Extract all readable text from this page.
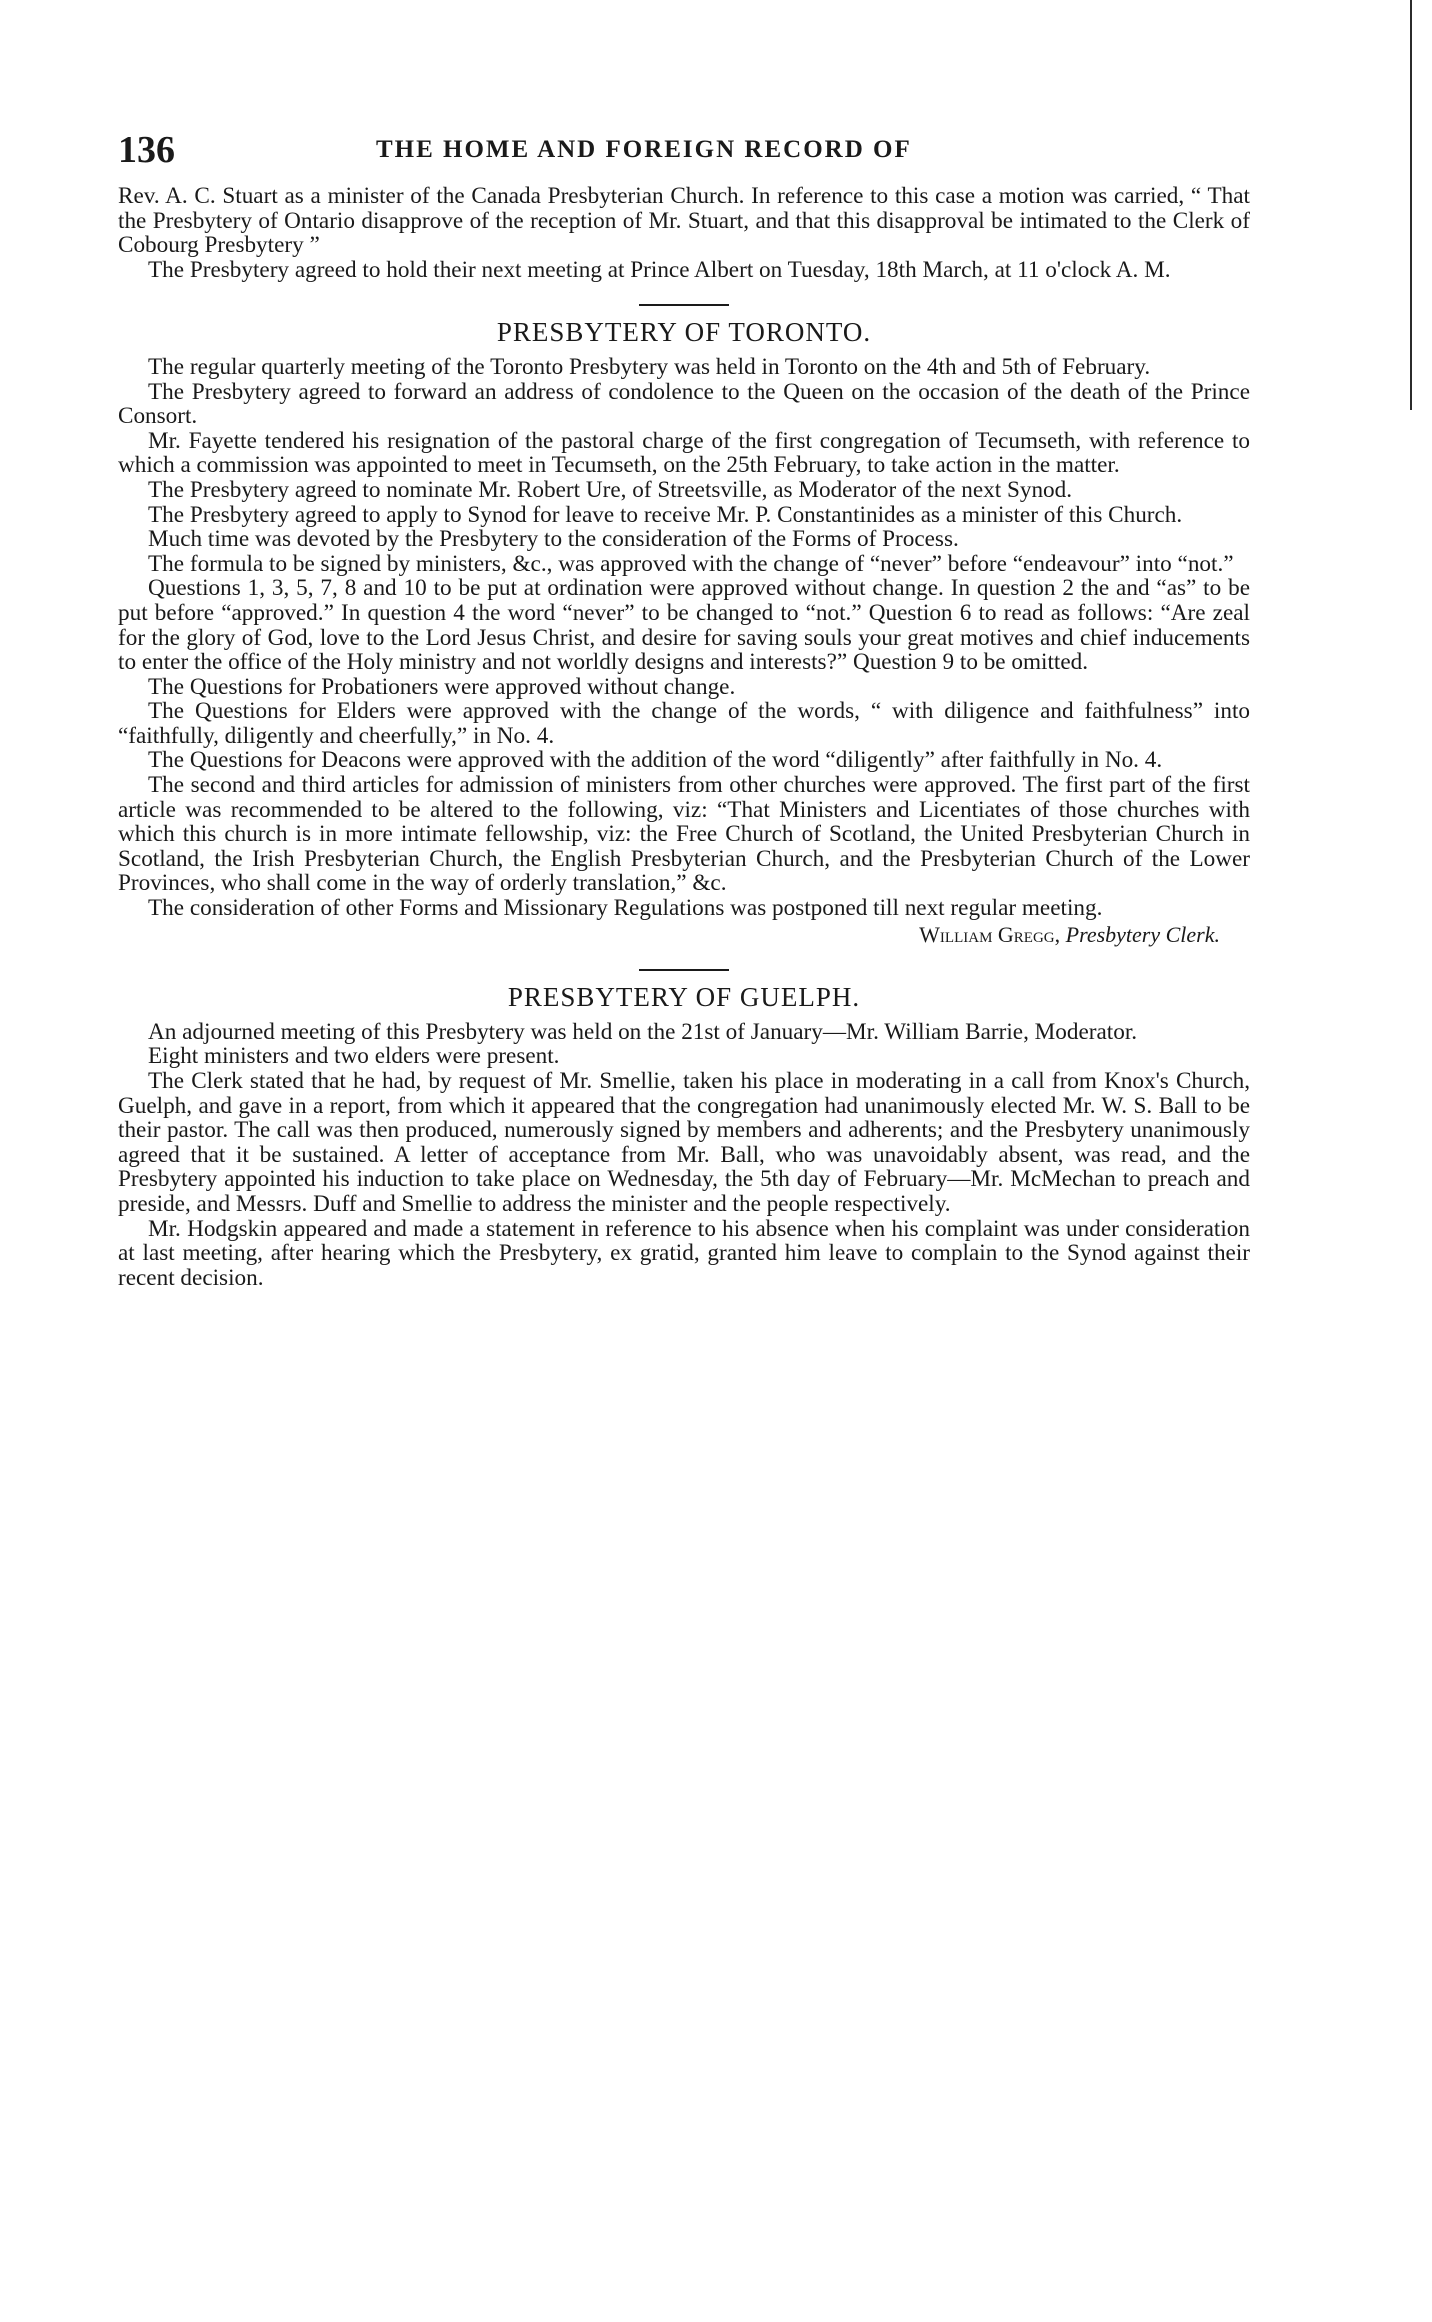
136	THE HOME AND FOREIGN RECORD OF

Rev. A. C. Stuart as a minister of the Canada Presbyterian Church. In reference to this case a motion was carried, “ That the Presbytery of Ontario disapprove of the reception of Mr. Stuart, and that this disapproval be intimated to the Clerk of Cobourg Presbytery ”

The Presbytery agreed to hold their next meeting at Prince Albert on Tuesday, 18th March, at 11 o'clock A. M.

PRESBYTERY OF TORONTO.

The regular quarterly meeting of the Toronto Presbytery was held in Toronto on the 4th and 5th of February.

The Presbytery agreed to forward an address of condolence to the Queen on the occasion of the death of the Prince Consort.

Mr. Fayette tendered his resignation of the pastoral charge of the first congregation of Tecumseth, with reference to which a commission was appointed to meet in Tecumseth, on the 25th February, to take action in the matter.

The Presbytery agreed to nominate Mr. Robert Ure, of Streetsville, as Moderator of the next Synod.

The Presbytery agreed to apply to Synod for leave to receive Mr. P. Constantinides as a minister of this Church.

Much time was devoted by the Presbytery to the consideration of the Forms of Process.

The formula to be signed by ministers, &c., was approved with the change of “never” before “endeavour” into “not.”

Questions 1, 3, 5, 7, 8 and 10 to be put at ordination were approved without change. In question 2 the and “as” to be put before “approved.” In question 4 the word “never” to be changed to “not.” Question 6 to read as follows: “Are zeal for the glory of God, love to the Lord Jesus Christ, and desire for saving souls your great motives and chief inducements to enter the office of the Holy ministry and not worldly designs and interests?” Question 9 to be omitted.

The Questions for Probationers were approved without change.

The Questions for Elders were approved with the change of the words, “ with diligence and faithfulness” into “faithfully, diligently and cheerfully,” in No. 4.

The Questions for Deacons were approved with the addition of the word “diligently” after faithfully in No. 4.

The second and third articles for admission of ministers from other churches were approved. The first part of the first article was recommended to be altered to the following, viz: “That Ministers and Licentiates of those churches with which this church is in more intimate fellowship, viz: the Free Church of Scotland, the United Presbyterian Church in Scotland, the Irish Presbyterian Church, the English Presbyterian Church, and the Presbyterian Church of the Lower Provinces, who shall come in the way of orderly translation,” &c.

The consideration of other Forms and Missionary Regulations was postponed till next regular meeting.

William Gregg, Presbytery Clerk.
PRESBYTERY OF GUELPH.

An adjourned meeting of this Presbytery was held on the 21st of January—Mr. William Barrie, Moderator.

Eight ministers and two elders were present.

The Clerk stated that he had, by request of Mr. Smellie, taken his place in moderating in a call from Knox's Church, Guelph, and gave in a report, from which it appeared that the congregation had unanimously elected Mr. W. S. Ball to be their pastor. The call was then produced, numerously signed by members and adherents; and the Presbytery unanimously agreed that it be sustained. A letter of acceptance from Mr. Ball, who was unavoidably absent, was read, and the Presbytery appointed his induction to take place on Wednesday, the 5th day of February—Mr. McMechan to preach and preside, and Messrs. Duff and Smellie to address the minister and the people respectively.

Mr. Hodgskin appeared and made a statement in reference to his absence when his complaint was under consideration at last meeting, after hearing which the Presbytery, ex gratid, granted him leave to complain to the Synod against their recent decision.
